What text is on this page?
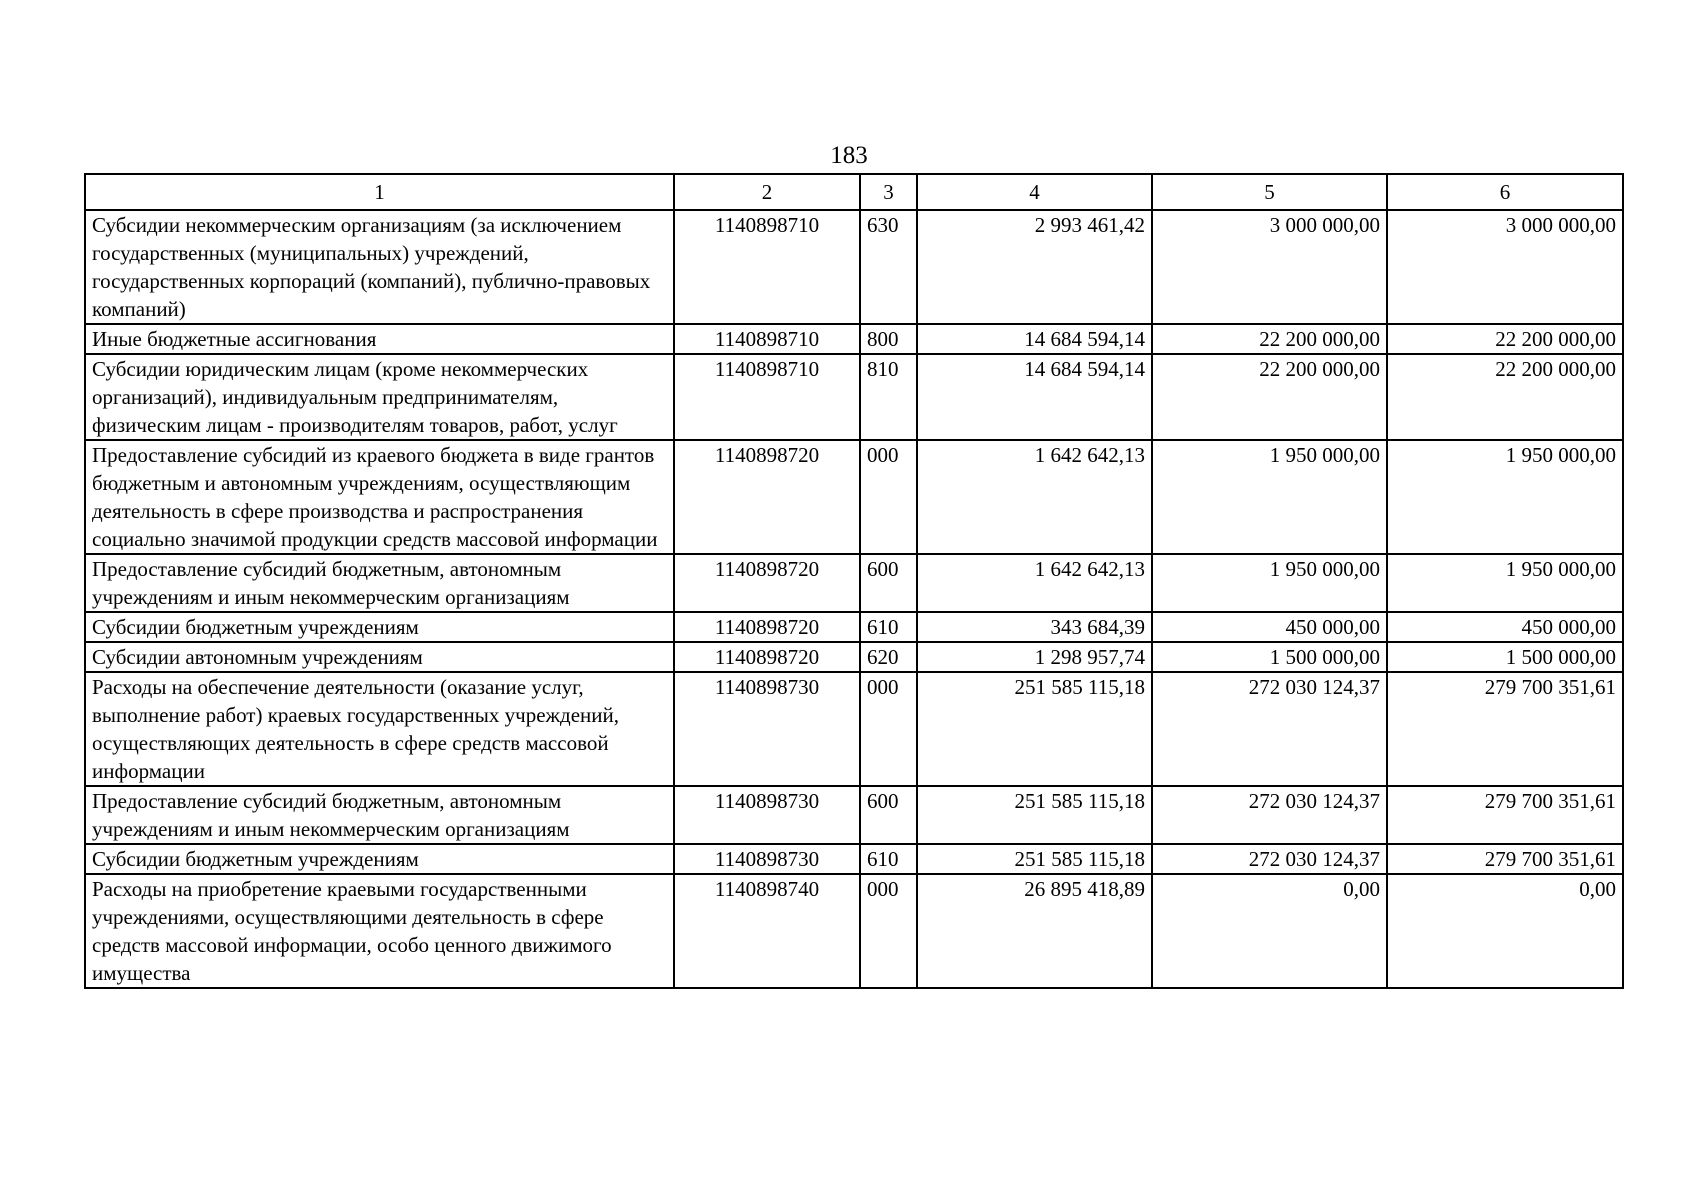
183
1	2	3	4	5	6
Субсидии некоммерческим организациям (за исключением государственных (муниципальных) учреждений, государственных корпораций (компаний), публично-правовых компаний)	1140898710	630	2 993 461,42	3 000 000,00	3 000 000,00
Иные бюджетные ассигнования	1140898710	800	14 684 594,14	22 200 000,00	22 200 000,00
Субсидии юридическим лицам (кроме некоммерческих организаций), индивидуальным предпринимателям, физическим лицам - производителям товаров, работ, услуг	1140898710	810	14 684 594,14	22 200 000,00	22 200 000,00
Предоставление субсидий из краевого бюджета в виде грантов бюджетным и автономным учреждениям, осуществляющим деятельность в сфере производства и распространения социально значимой продукции средств массовой информации	1140898720	000	1 642 642,13	1 950 000,00	1 950 000,00
Предоставление субсидий бюджетным, автономным учреждениям и иным некоммерческим организациям	1140898720	600	1 642 642,13	1 950 000,00	1 950 000,00
Субсидии бюджетным учреждениям	1140898720	610	343 684,39	450 000,00	450 000,00
Субсидии автономным учреждениям	1140898720	620	1 298 957,74	1 500 000,00	1 500 000,00
Расходы на обеспечение деятельности (оказание услуг, выполнение работ) краевых государственных учреждений, осуществляющих деятельность в сфере средств массовой информации	1140898730	000	251 585 115,18	272 030 124,37	279 700 351,61
Предоставление субсидий бюджетным, автономным учреждениям и иным некоммерческим организациям	1140898730	600	251 585 115,18	272 030 124,37	279 700 351,61
Субсидии бюджетным учреждениям	1140898730	610	251 585 115,18	272 030 124,37	279 700 351,61
Расходы на приобретение краевыми государственными учреждениями, осуществляющими деятельность в сфере средств массовой информации, особо ценного движимого имущества	1140898740	000	26 895 418,89	0,00	0,00
